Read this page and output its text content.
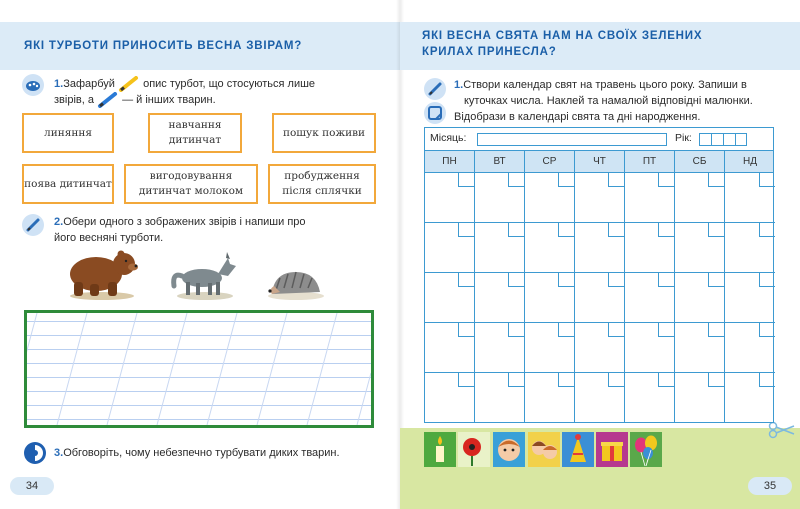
ЯКІ ТУРБОТИ ПРИНОСИТЬ ВЕСНА ЗВІРАМ?
1.Зафарбуй	опис турбот, що стосуються лише
звірів, а	— й інших тварин.
линяння
навчання дитинчат
пошук поживи
поява дитинчат
вигодовування дитинчат молоком
пробудження після сплячки
2.Обери одного з зображених звірів і напиши про
його весняні турботи.
3.Обговоріть, чому небезпечно турбувати диких тварин.
34
ЯКІ ВЕСНА СВЯТА НАМ НА СВОЇХ ЗЕЛЕНИХ
КРИЛАХ ПРИНЕСЛА?
1.Створи календар свят на травень цього року. Запиши в
куточках числа. Наклей та намалюй відповідні малюнки.
Відобрази в календарі свята та дні народження.
35
Місяць:	Рік:
ПН	ВТ	СР	ЧТ	ПТ	СБ	НД
